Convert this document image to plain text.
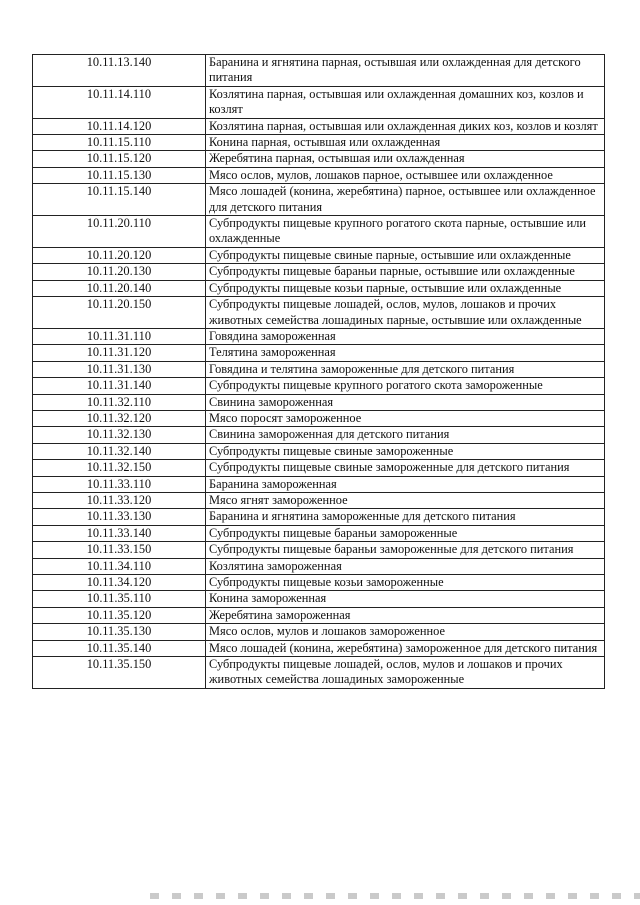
10.11.13.140	Баранина и ягнятина парная, остывшая или охлажденная для детского питания
10.11.14.110	Козлятина парная, остывшая или охлажденная домашних коз, козлов и козлят
10.11.14.120	Козлятина парная, остывшая или охлажденная диких коз, козлов и козлят
10.11.15.110	Конина парная, остывшая или охлажденная
10.11.15.120	Жеребятина парная, остывшая или охлажденная
10.11.15.130	Мясо ослов, мулов, лошаков парное, остывшее или охлажденное
10.11.15.140	Мясо лошадей (конина, жеребятина) парное, остывшее или охлажденное для детского питания
10.11.20.110	Субпродукты пищевые крупного рогатого скота парные, остывшие или охлажденные
10.11.20.120	Субпродукты пищевые свиные парные, остывшие или охлажденные
10.11.20.130	Субпродукты пищевые бараньи парные, остывшие или охлажденные
10.11.20.140	Субпродукты пищевые козьи парные, остывшие или охлажденные
10.11.20.150	Субпродукты пищевые лошадей, ослов, мулов, лошаков и прочих животных семейства лошадиных парные, остывшие или охлажденные
10.11.31.110	Говядина замороженная
10.11.31.120	Телятина замороженная
10.11.31.130	Говядина и телятина замороженные для детского питания
10.11.31.140	Субпродукты пищевые крупного рогатого скота замороженные
10.11.32.110	Свинина замороженная
10.11.32.120	Мясо поросят замороженное
10.11.32.130	Свинина замороженная для детского питания
10.11.32.140	Субпродукты пищевые свиные замороженные
10.11.32.150	Субпродукты пищевые свиные замороженные для детского питания
10.11.33.110	Баранина замороженная
10.11.33.120	Мясо ягнят замороженное
10.11.33.130	Баранина и ягнятина замороженные для детского питания
10.11.33.140	Субпродукты пищевые бараньи замороженные
10.11.33.150	Субпродукты пищевые бараньи замороженные для детского питания
10.11.34.110	Козлятина замороженная
10.11.34.120	Субпродукты пищевые козьи замороженные
10.11.35.110	Конина замороженная
10.11.35.120	Жеребятина замороженная
10.11.35.130	Мясо ослов, мулов и лошаков замороженное
10.11.35.140	Мясо лошадей (конина, жеребятина) замороженное для детского питания
10.11.35.150	Субпродукты пищевые лошадей, ослов, мулов и лошаков и прочих животных семейства лошадиных замороженные
